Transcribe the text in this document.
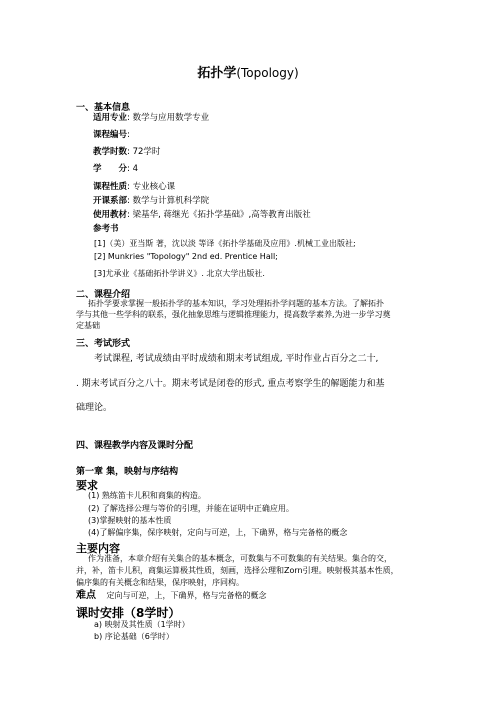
拓扑学(Topology)
一、基本信息
适用专业: 数学与应用数学专业
课程编号:
教学时数: 72学时
学　　分: 4
课程性质: 专业核心课
开课系部: 数学与计算机科学院
使用教材: 梁基华, 蒋继光《拓扑学基础》,高等教育出版社
参考书
[1]（美）亚当斯 著，沈以淡 等译《拓扑学基础及应用》.机械工业出版社;
[2] Munkries "Topology" 2nd ed. Prentice Hall;
[3]尤承业《基础拓扑学讲义》. 北京大学出版社.
二、课程介绍
拓扑学要求掌握一般拓扑学的基本知识，学习处理拓扑学问题的基本方法。了解拓扑
学与其他一些学科的联系，强化抽象思维与逻辑推理能力，提高数学素养,为进一步学习奠
定基础
三、考试形式
考试课程, 考试成绩由平时成绩和期末考试组成, 平时作业占百分之二十,
. 期末考试百分之八十。期末考试是闭卷的形式, 重点考察学生的解题能力和基
础理论。
四、课程教学内容及课时分配
第一章 集，映射与序结构
要求
(1) 熟练笛卡儿积和商集的构造。
(2) 了解选择公理与等价的引理，并能在证明中正确应用。
(3)掌握映射的基本性质
(4)了解偏序集，保序映射，定向与可逆，上，下确界，格与完备格的概念
主要内容
作为准备，本章介绍有关集合的基本概念，可数集与不可数集的有关结果。集合的交，
并，补，笛卡儿积，商集运算极其性质，刻画，选择公理和Zorn引理。映射极其基本性质，
偏序集的有关概念和结果，保序映射，序同构。
难点 定向与可逆，上，下确界，格与完备格的概念
课时安排（8学时）
a) 映射及其性质（1学时）
b) 序论基础（6学时）
